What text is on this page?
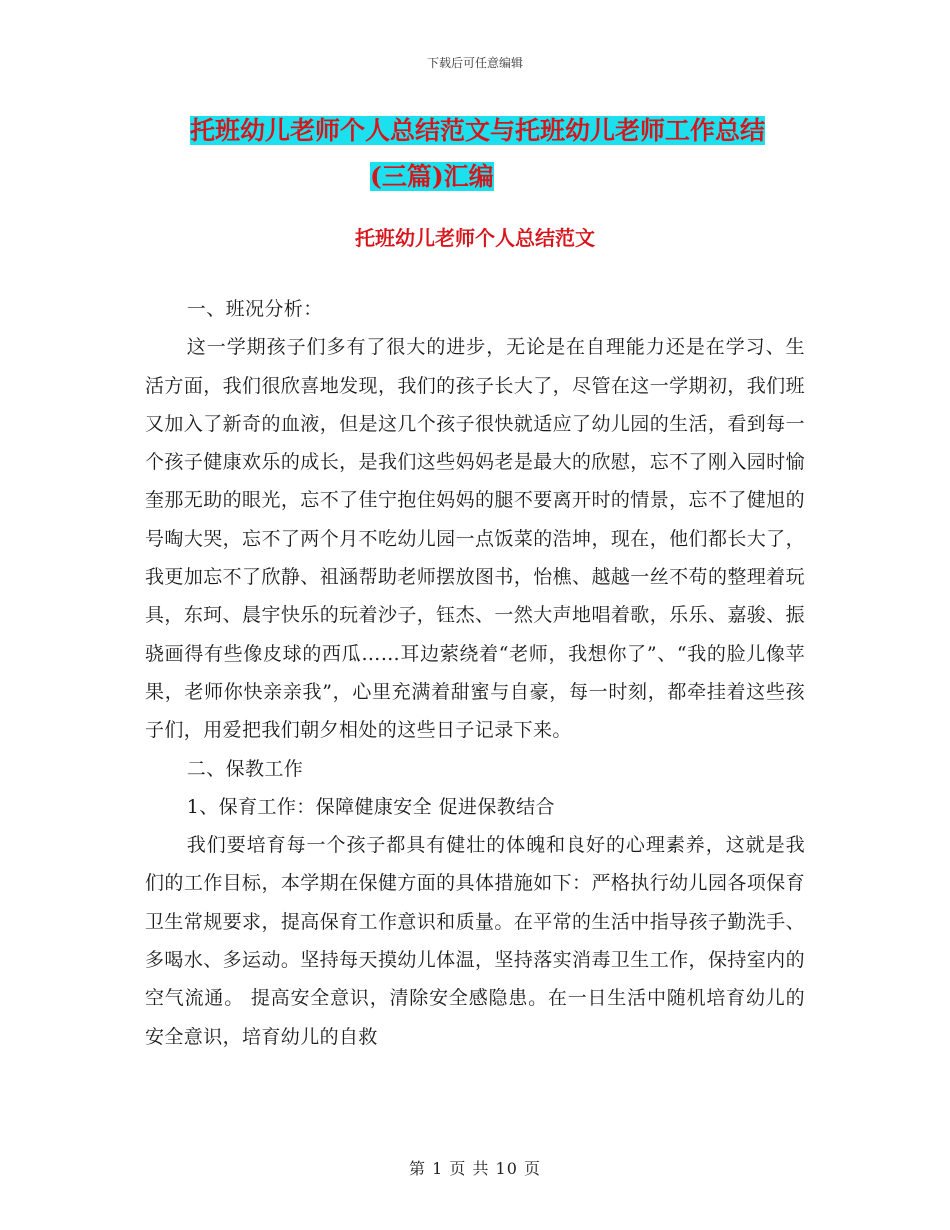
下载后可任意编辑
托班幼儿老师个人总结范文与托班幼儿老师工作总结
(三篇)汇编
托班幼儿老师个人总结范文

一、班况分析：

这一学期孩子们多有了很大的进步，无论是在自理能力还是在学习、生活方面，我们很欣喜地发现，我们的孩子长大了，尽管在这一学期初，我们班又加入了新奇的血液，但是这几个孩子很快就适应了幼儿园的生活，看到每一个孩子健康欢乐的成长，是我们这些妈妈老是最大的欣慰，忘不了刚入园时愉奎那无助的眼光，忘不了佳宁抱住妈妈的腿不要离开时的情景，忘不了健旭的号啕大哭，忘不了两个月不吃幼儿园一点饭菜的浩坤，现在，他们都长大了，我更加忘不了欣静、祖涵帮助老师摆放图书，怡樵、越越一丝不苟的整理着玩具，东珂、晨宇快乐的玩着沙子，钰杰、一然大声地唱着歌，乐乐、嘉骏、振骁画得有些像皮球的西瓜……耳边萦绕着“老师，我想你了”、“我的脸儿像苹果，老师你快亲亲我”，心里充满着甜蜜与自豪，每一时刻，都牵挂着这些孩子们，用爱把我们朝夕相处的这些日子记录下来。

二、保教工作

1、保育工作：保障健康安全 促进保教结合

我们要培育每一个孩子都具有健壮的体魄和良好的心理素养，这就是我们的工作目标，本学期在保健方面的具体措施如下：严格执行幼儿园各项保育卫生常规要求，提高保育工作意识和质量。在平常的生活中指导孩子勤洗手、多喝水、多运动。坚持每天摸幼儿体温，坚持落实消毒卫生工作，保持室内的空气流通。 提高安全意识，清除安全感隐患。在一日生活中随机培育幼儿的安全意识，培育幼儿的自救

第 1 页 共 10 页
